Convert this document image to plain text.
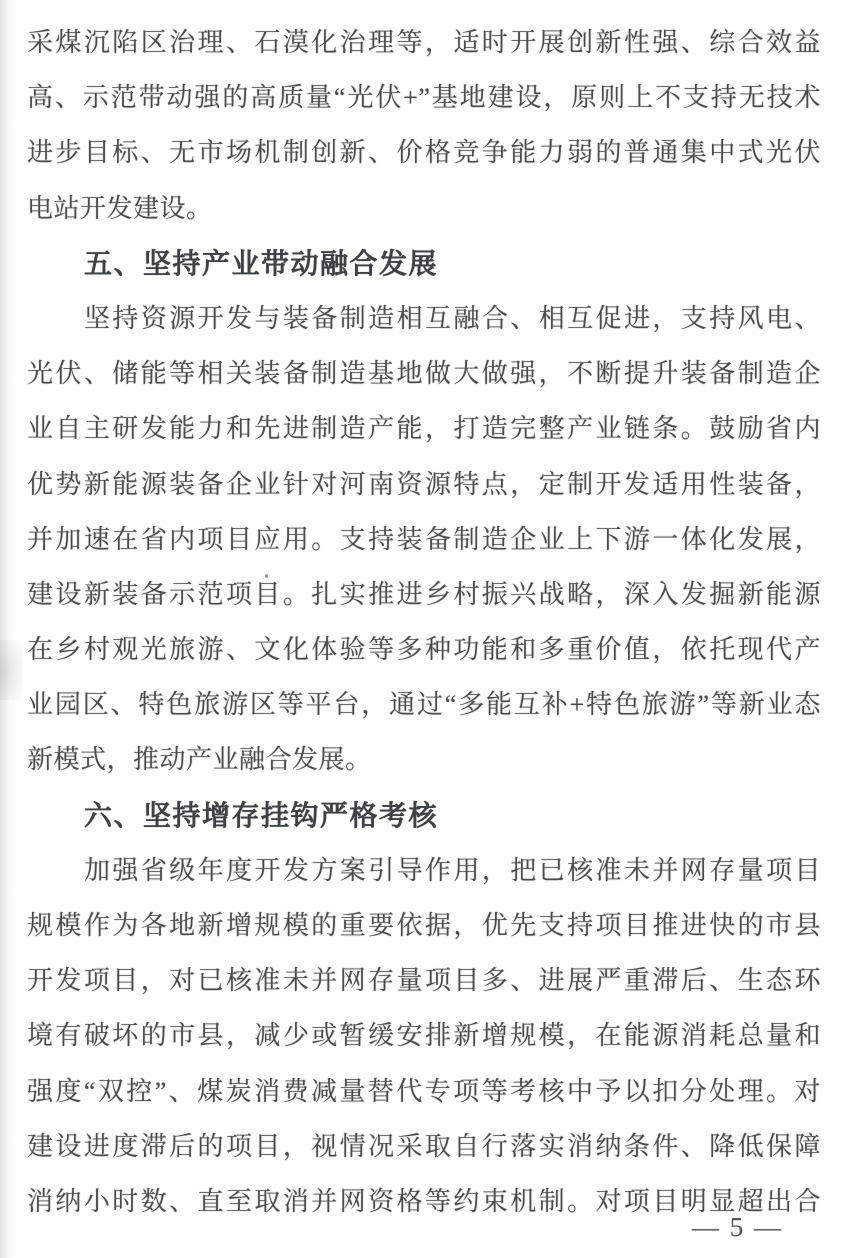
采煤沉陷区治理、石漠化治理等，适时开展创新性强、综合效益
高、示范带动强的高质量“光伏+”基地建设，原则上不支持无技术
进步目标、无市场机制创新、价格竞争能力弱的普通集中式光伏
电站开发建设。
五、坚持产业带动融合发展
坚持资源开发与装备制造相互融合、相互促进，支持风电、
光伏、储能等相关装备制造基地做大做强，不断提升装备制造企
业自主研发能力和先进制造产能，打造完整产业链条。鼓励省内
优势新能源装备企业针对河南资源特点，定制开发适用性装备，
并加速在省内项目应用。支持装备制造企业上下游一体化发展，
建设新装备示范项目。扎实推进乡村振兴战略，深入发掘新能源
在乡村观光旅游、文化体验等多种功能和多重价值，依托现代产
业园区、特色旅游区等平台，通过“多能互补+特色旅游”等新业态
新模式，推动产业融合发展。
六、坚持增存挂钩严格考核
加强省级年度开发方案引导作用，把已核准未并网存量项目
规模作为各地新增规模的重要依据，优先支持项目推进快的市县
开发项目，对已核准未并网存量项目多、进展严重滞后、生态环
境有破坏的市县，减少或暂缓安排新增规模，在能源消耗总量和
强度“双控”、煤炭消费减量替代专项等考核中予以扣分处理。对
建设进度滞后的项目，视情况采取自行落实消纳条件、降低保障
消纳小时数、直至取消并网资格等约束机制。对项目明显超出合
— 5 —
